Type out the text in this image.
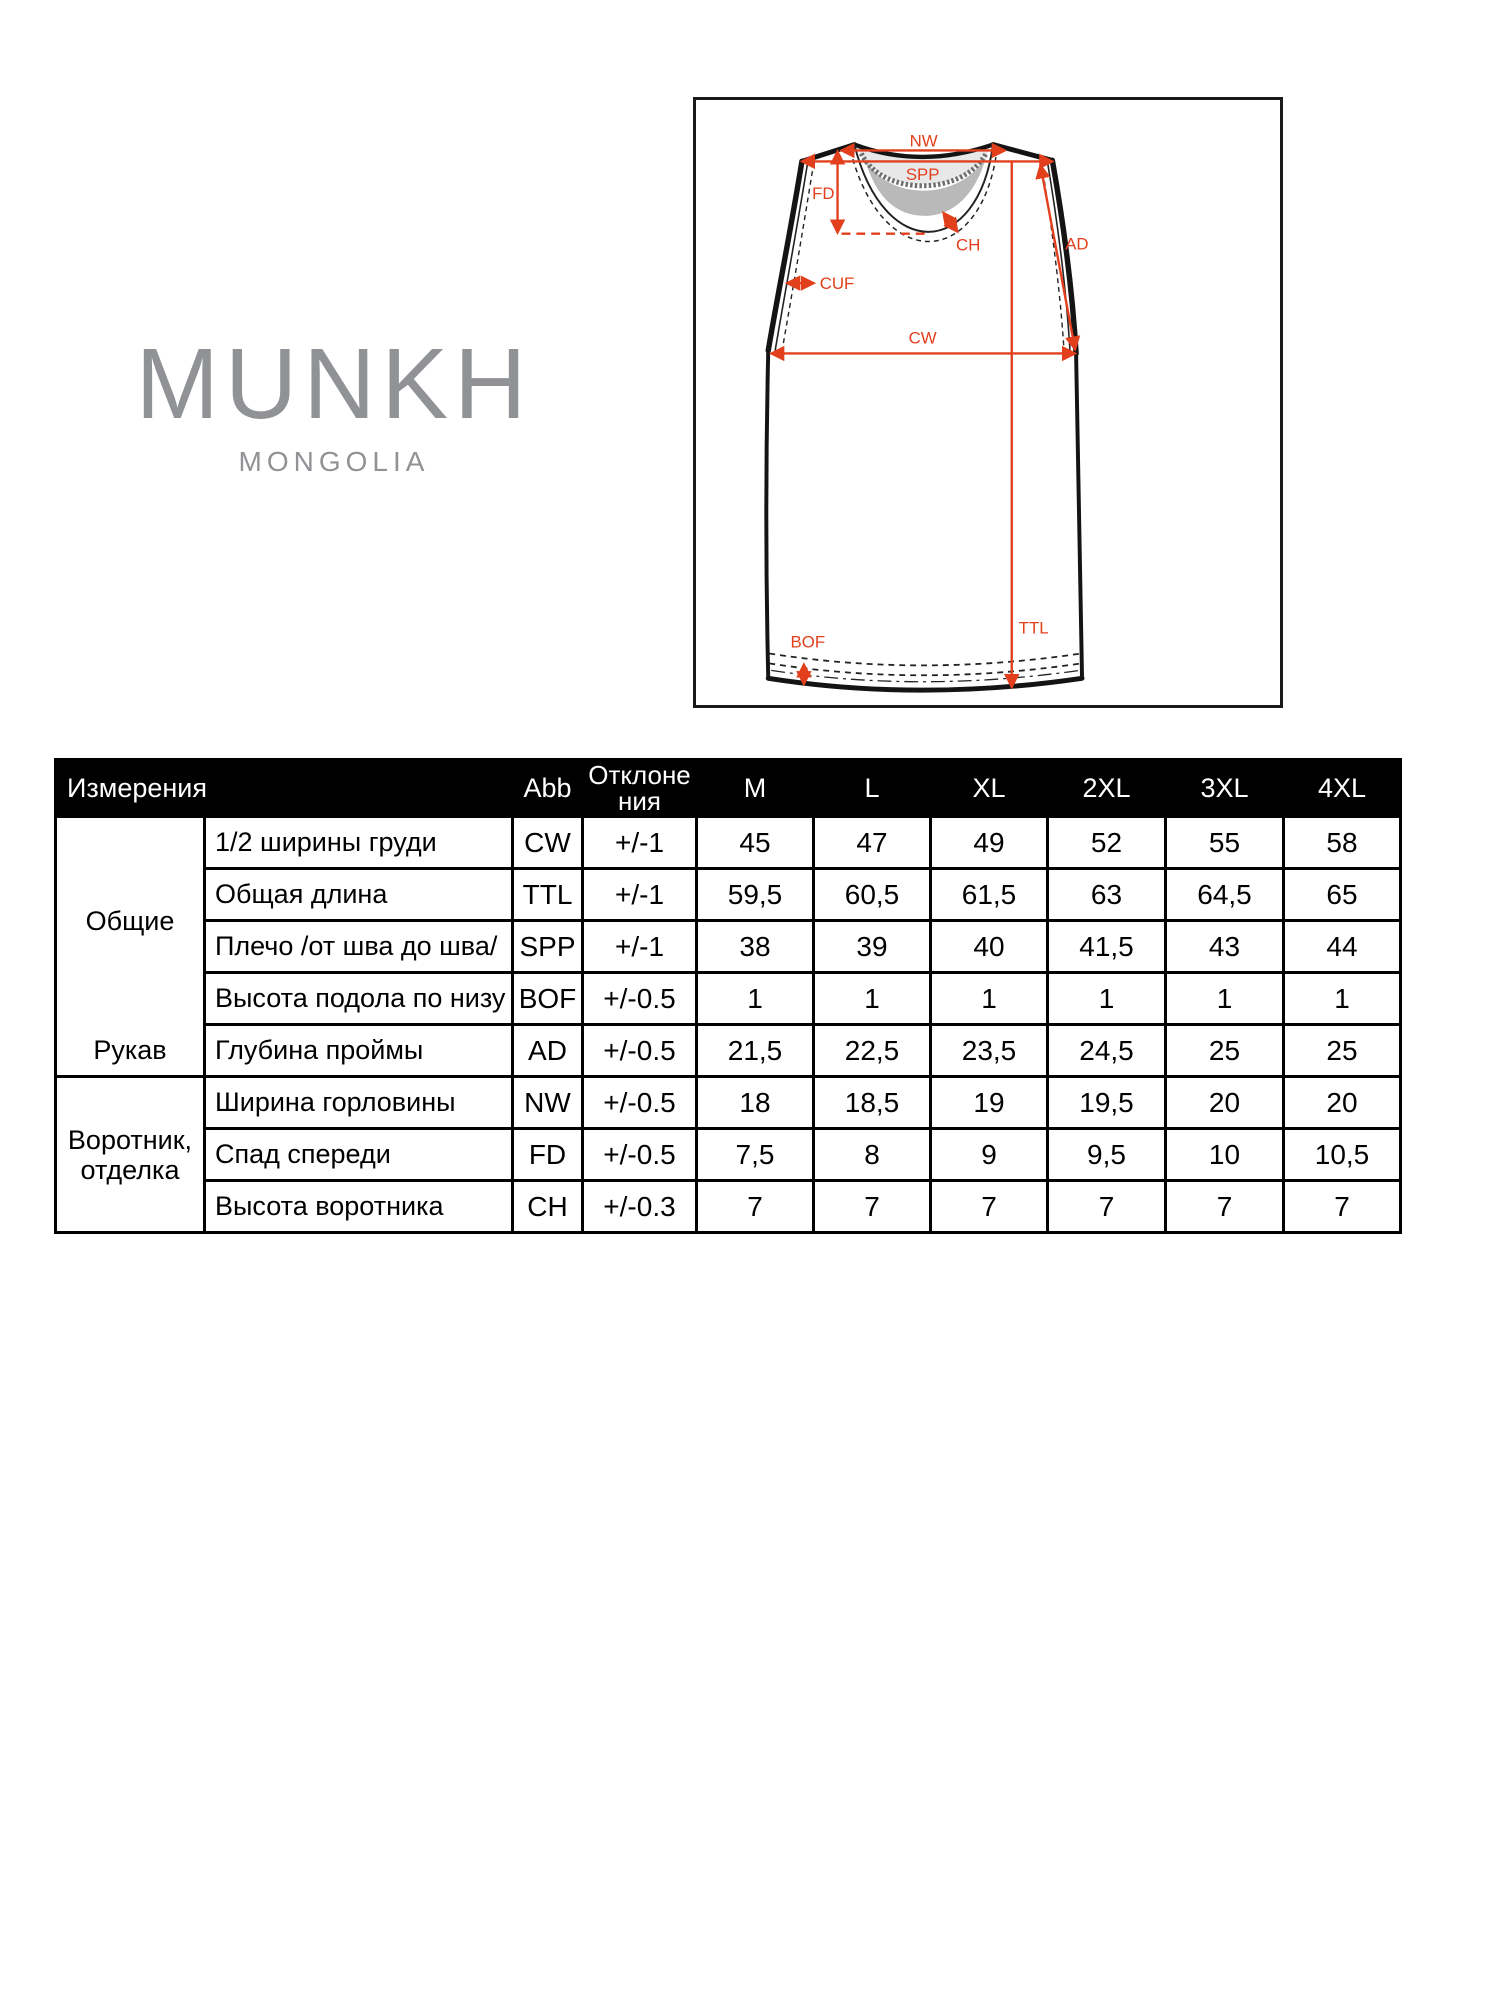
MUNKH
MONGOLIA
NW
SPP
FD
CH
CUF
CW
AD
BOF
TTL
Измерения		Abb	Отклонения	M	L	XL	2XL	3XL	4XL
Общие	1/2 ширины груди	CW	+/-1	45	47	49	52	55	58
	Общая длина	TTL	+/-1	59,5	60,5	61,5	63	64,5	65
	Плечо /от шва до шва/	SPP	+/-1	38	39	40	41,5	43	44
	Высота подола по низу	BOF	+/-0.5	1	1	1	1	1	1
Рукав	Глубина проймы	AD	+/-0.5	21,5	22,5	23,5	24,5	25	25
Воротник, отделка	Ширина горловины	NW	+/-0.5	18	18,5	19	19,5	20	20
	Спад спереди	FD	+/-0.5	7,5	8	9	9,5	10	10,5
	Высота воротника	CH	+/-0.3	7	7	7	7	7	7
